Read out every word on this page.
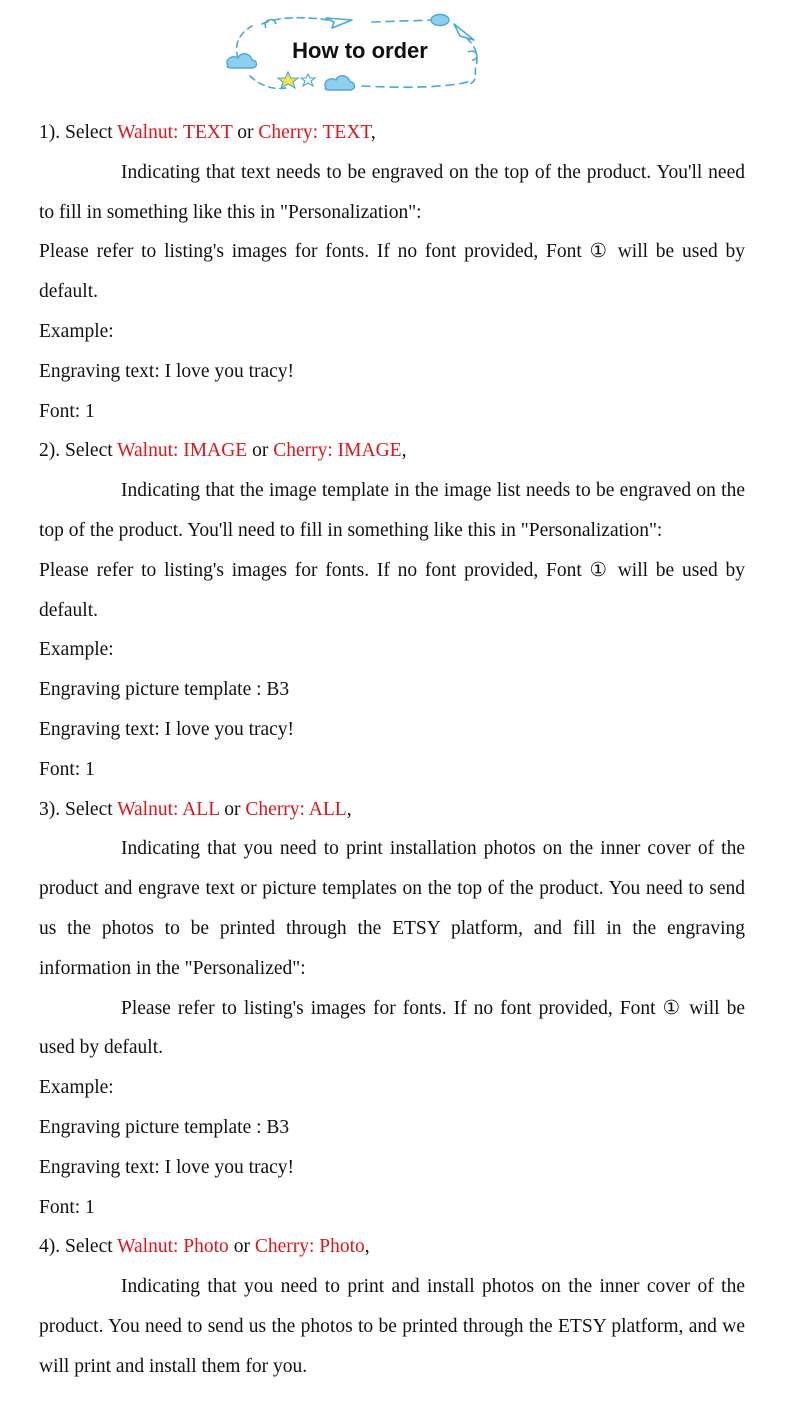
How to order

1). Select Walnut: TEXT or Cherry: TEXT,

Indicating that text needs to be engraved on the top of the product. You'll need to fill in something like this in "Personalization":

Please refer to listing's images for fonts. If no font provided, Font ① will be used by default.

Example:

Engraving text: I love you tracy!

Font: 1

2). Select Walnut: IMAGE or Cherry: IMAGE,

Indicating that the image template in the image list needs to be engraved on the top of the product. You'll need to fill in something like this in "Personalization":

Please refer to listing's images for fonts. If no font provided, Font ① will be used by default.

Example:

Engraving picture template : B3

Engraving text: I love you tracy!

Font: 1

3). Select Walnut: ALL or Cherry: ALL,

Indicating that you need to print installation photos on the inner cover of the product and engrave text or picture templates on the top of the product. You need to send us the photos to be printed through the ETSY platform, and fill in the engraving information in the "Personalized":

Please refer to listing's images for fonts. If no font provided, Font ① will be used by default.

Example:

Engraving picture template : B3

Engraving text: I love you tracy!

Font: 1

4). Select Walnut: Photo or Cherry: Photo,

Indicating that you need to print and install photos on the inner cover of the product. You need to send us the photos to be printed through the ETSY platform, and we will print and install them for you.
